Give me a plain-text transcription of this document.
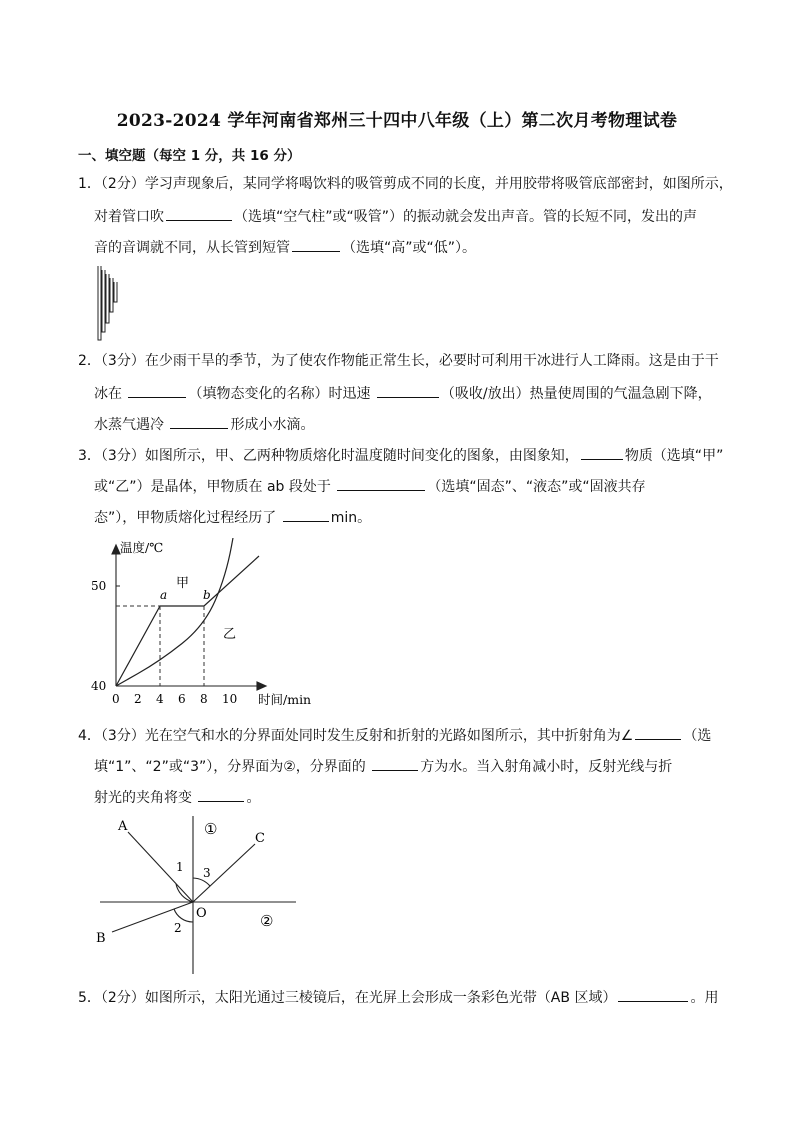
2023-2024 学年河南省郑州三十四中八年级（上）第二次月考物理试卷
一、填空题（每空 1 分，共 16 分）
1．（2分）学习声现象后，某同学将喝饮料的吸管剪成不同的长度，并用胶带将吸管底部密封，如图所示，
对着管口吹	（选填“空气柱”或“吸管”）的振动就会发出声音。管的长短不同，发出的声
音的音调就不同，从长管到短管	（选填“高”或“低”）。
2．（3分）在少雨干旱的季节，为了使农作物能正常生长，必要时可利用干冰进行人工降雨。这是由于干
冰在	（填物态变化的名称）时迅速	（吸收/放出）热量使周围的气温急剧下降，
水蒸气遇冷	形成小水滴。
3．（3分）如图所示，甲、乙两种物质熔化时温度随时间变化的图象，由图象知，	物质（选填“甲”
或“乙”）是晶体，甲物质在 ab 段处于	（选填“固态”、“液态”或“固液共存
态”），甲物质熔化过程经历了	min。
0 2 4 6 8 10
40
50
温度/℃
时间/min
甲
乙
a	b
4．（3分）光在空气和水的分界面处同时发生反射和折射的光路如图所示，其中折射角为∠	（选
填“1”、“2”或“3”），分界面为②，分界面的	方为水。当入射角减小时，反射光线与折
射光的夹角将变	。
A
B
C
O
1
2
3
①
②
5．（2分）如图所示，太阳光通过三棱镜后，在光屏上会形成一条彩色光带（AB 区域）	。用
